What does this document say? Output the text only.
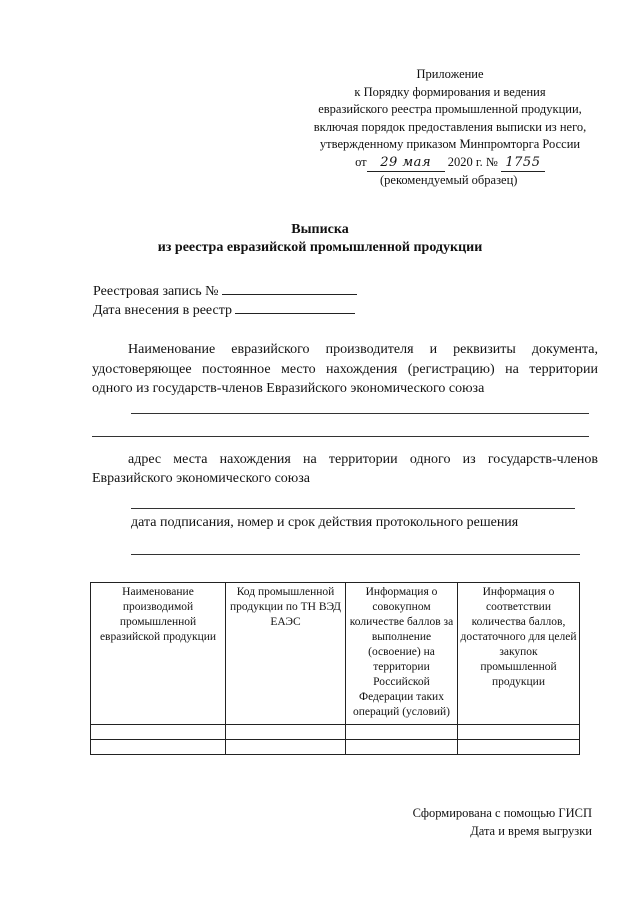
Приложение
к Порядку формирования и ведения
евразийского реестра промышленной продукции,
включая порядок предоставления выписки из него,
утвержденному приказом Минпромторга России
от 29 мая 2020 г. № 1755
(рекомендуемый образец)
Выписка
из реестра евразийской промышленной продукции
Реестровая запись №
Дата внесения в реестр
Наименование евразийского производителя и реквизиты документа, удостоверяющее постоянное место нахождения (регистрацию) на территории одного из государств-членов Евразийского экономического союза
адрес места нахождения на территории одного из государств-членов
Евразийского экономического союза
дата подписания, номер и срок действия протокольного решения
Наименование производимой промышленной евразийской продукции	Код промышленной продукции по ТН ВЭД ЕАЭС	Информация о совокупном количестве баллов за выполнение (освоение) на территории Российской Федерации таких операций (условий)	Информация о соответствии количества баллов, достаточного для целей закупок промышленной продукции

Сформирована с помощью ГИСП
Дата и время выгрузки
